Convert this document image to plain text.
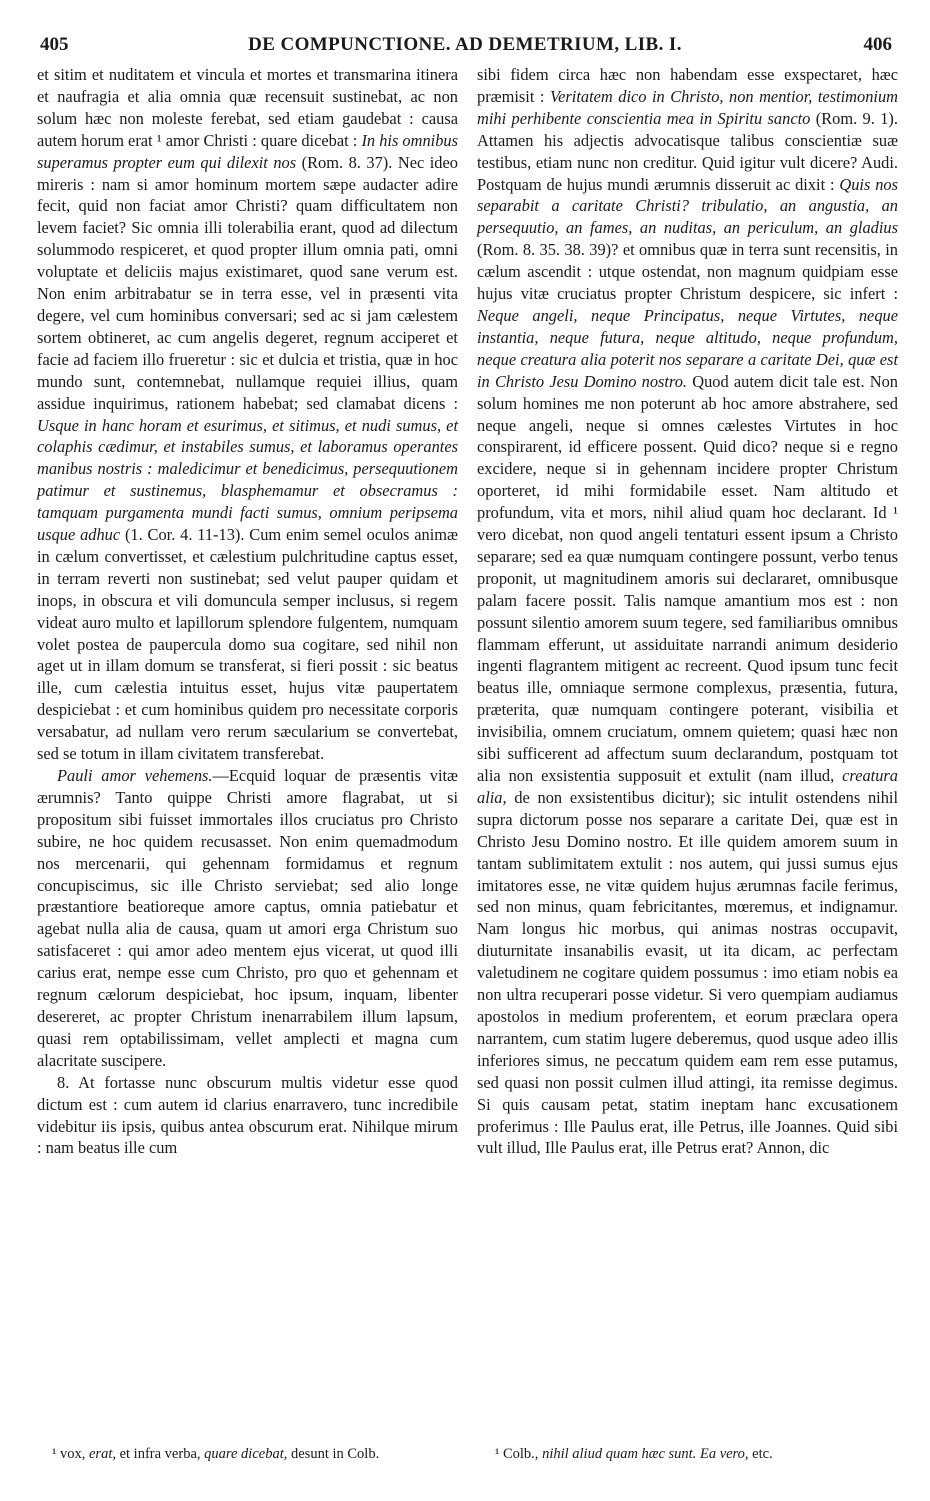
405	DE COMPUNCTIONE. AD DEMETRIUM, LIB. I.	406

et sitim et nuditatem et vincula et mortes et transmarina itinera et naufragia et alia omnia quæ recensuit sustinebat, ac non solum hæc non moleste ferebat, sed etiam gaudebat : causa autem horum erat ¹ amor Christi : quare dicebat : In his omnibus superamus propter eum qui dilexit nos (Rom. 8. 37). Nec ideo mireris : nam si amor hominum mortem sæpe audacter adire fecit, quid non faciat amor Christi? quam difficultatem non levem faciet? Sic omnia illi tolerabilia erant, quod ad dilectum solummodo respiceret, et quod propter illum omnia pati, omni voluptate et deliciis majus existimaret, quod sane verum est. Non enim arbitrabatur se in terra esse, vel in præsenti vita degere, vel cum hominibus conversari; sed ac si jam cælestem sortem obtineret, ac cum angelis degeret, regnum acciperet et facie ad faciem illo frueretur : sic et dulcia et tristia, quæ in hoc mundo sunt, contemnebat, nullamque requiei illius, quam assidue inquirimus, rationem habebat; sed clamabat dicens : Usque in hanc horam et esurimus, et sitimus, et nudi sumus, et colaphis cædimur, et instabiles sumus, et laboramus operantes manibus nostris : maledicimur et benedicimus, persequutionem patimur et sustinemus, blasphemamur et obsecramus : tamquam purgamenta mundi facti sumus, omnium peripsema usque adhuc (1. Cor. 4. 11-13). Cum enim semel oculos animæ in cælum convertisset, et cælestium pulchritudine captus esset, in terram reverti non sustinebat; sed velut pauper quidam et inops, in obscura et vili domuncula semper inclusus, si regem videat auro multo et lapillorum splendore fulgentem, numquam volet postea de paupercula domo sua cogitare, sed nihil non aget ut in illam domum se transferat, si fieri possit : sic beatus ille, cum cælestia intuitus esset, hujus vitæ paupertatem despiciebat : et cum hominibus quidem pro necessitate corporis versabatur, ad nullam vero rerum sæcularium se convertebat, sed se totum in illam civitatem transferebat.

Pauli amor vehemens.—Ecquid loquar de præsentis vitæ ærumnis? Tanto quippe Christi amore flagrabat, ut si propositum sibi fuisset immortales illos cruciatus pro Christo subire, ne hoc quidem recusasset. Non enim quemadmodum nos mercenarii, qui gehennam formidamus et regnum concupiscimus, sic ille Christo serviebat; sed alio longe præstantiore beatioreque amore captus, omnia patiebatur et agebat nulla alia de causa, quam ut amori erga Christum suo satisfaceret : qui amor adeo mentem ejus vicerat, ut quod illi carius erat, nempe esse cum Christo, pro quo et gehennam et regnum cælorum despiciebat, hoc ipsum, inquam, libenter desereret, ac propter Christum inenarrabilem illum lapsum, quasi rem optabilissimam, vellet amplecti et magna cum alacritate suscipere.

8. At fortasse nunc obscurum multis videtur esse quod dictum est : cum autem id clarius enarravero, tunc incredibile videbitur iis ipsis, quibus antea obscurum erat. Nihilque mirum : nam beatus ille cum

sibi fidem circa hæc non habendam esse exspectaret, hæc præmisit : Veritatem dico in Christo, non mentior, testimonium mihi perhibente conscientia mea in Spiritu sancto (Rom. 9. 1). Attamen his adjectis advocatisque talibus conscientiæ suæ testibus, etiam nunc non creditur. Quid igitur vult dicere? Audi. Postquam de hujus mundi ærumnis disseruit ac dixit : Quis nos separabit a caritate Christi? tribulatio, an angustia, an persequutio, an fames, an nuditas, an periculum, an gladius (Rom. 8. 35. 38. 39)? et omnibus quæ in terra sunt recensitis, in cælum ascendit : utque ostendat, non magnum quidpiam esse hujus vitæ cruciatus propter Christum despicere, sic infert : Neque angeli, neque Principatus, neque Virtutes, neque instantia, neque futura, neque altitudo, neque profundum, neque creatura alia poterit nos separare a caritate Dei, quæ est in Christo Jesu Domino nostro. Quod autem dicit tale est. Non solum homines me non poterunt ab hoc amore abstrahere, sed neque angeli, neque si omnes cælestes Virtutes in hoc conspirarent, id efficere possent. Quid dico? neque si e regno excidere, neque si in gehennam incidere propter Christum oporteret, id mihi formidabile esset. Nam altitudo et profundum, vita et mors, nihil aliud quam hoc declarant. Id ¹ vero dicebat, non quod angeli tentaturi essent ipsum a Christo separare; sed ea quæ numquam contingere possunt, verbo tenus proponit, ut magnitudinem amoris sui declararet, omnibusque palam facere possit. Talis namque amantium mos est : non possunt silentio amorem suum tegere, sed familiaribus omnibus flammam efferunt, ut assiduitate narrandi animum desiderio ingenti flagrantem mitigent ac recreent. Quod ipsum tunc fecit beatus ille, omniaque sermone complexus, præsentia, futura, præterita, quæ numquam contingere poterant, visibilia et invisibilia, omnem cruciatum, omnem quietem; quasi hæc non sibi sufficerent ad affectum suum declarandum, postquam tot alia non exsistentia supposuit et extulit (nam illud, creatura alia, de non exsistentibus dicitur); sic intulit ostendens nihil supra dictorum posse nos separare a caritate Dei, quæ est in Christo Jesu Domino nostro. Et ille quidem amorem suum in tantam sublimitatem extulit : nos autem, qui jussi sumus ejus imitatores esse, ne vitæ quidem hujus ærumnas facile ferimus, sed non minus, quam febricitantes, mœremus, et indignamur. Nam longus hic morbus, qui animas nostras occupavit, diuturnitate insanabilis evasit, ut ita dicam, ac perfectam valetudinem ne cogitare quidem possumus : imo etiam nobis ea non ultra recuperari posse videtur. Si vero quempiam audiamus apostolos in medium proferentem, et eorum præclara opera narrantem, cum statim lugere deberemus, quod usque adeo illis inferiores simus, ne peccatum quidem eam rem esse putamus, sed quasi non possit culmen illud attingi, ita remisse degimus. Si quis causam petat, statim ineptam hanc excusationem proferimus : Ille Paulus erat, ille Petrus, ille Joannes. Quid sibi vult illud, Ille Paulus erat, ille Petrus erat? Annon, dic

¹ vox, erat, et infra verba, quare dicebat, desunt in Colb.	¹ Colb., nihil aliud quam hæc sunt. Ea vero, etc.
